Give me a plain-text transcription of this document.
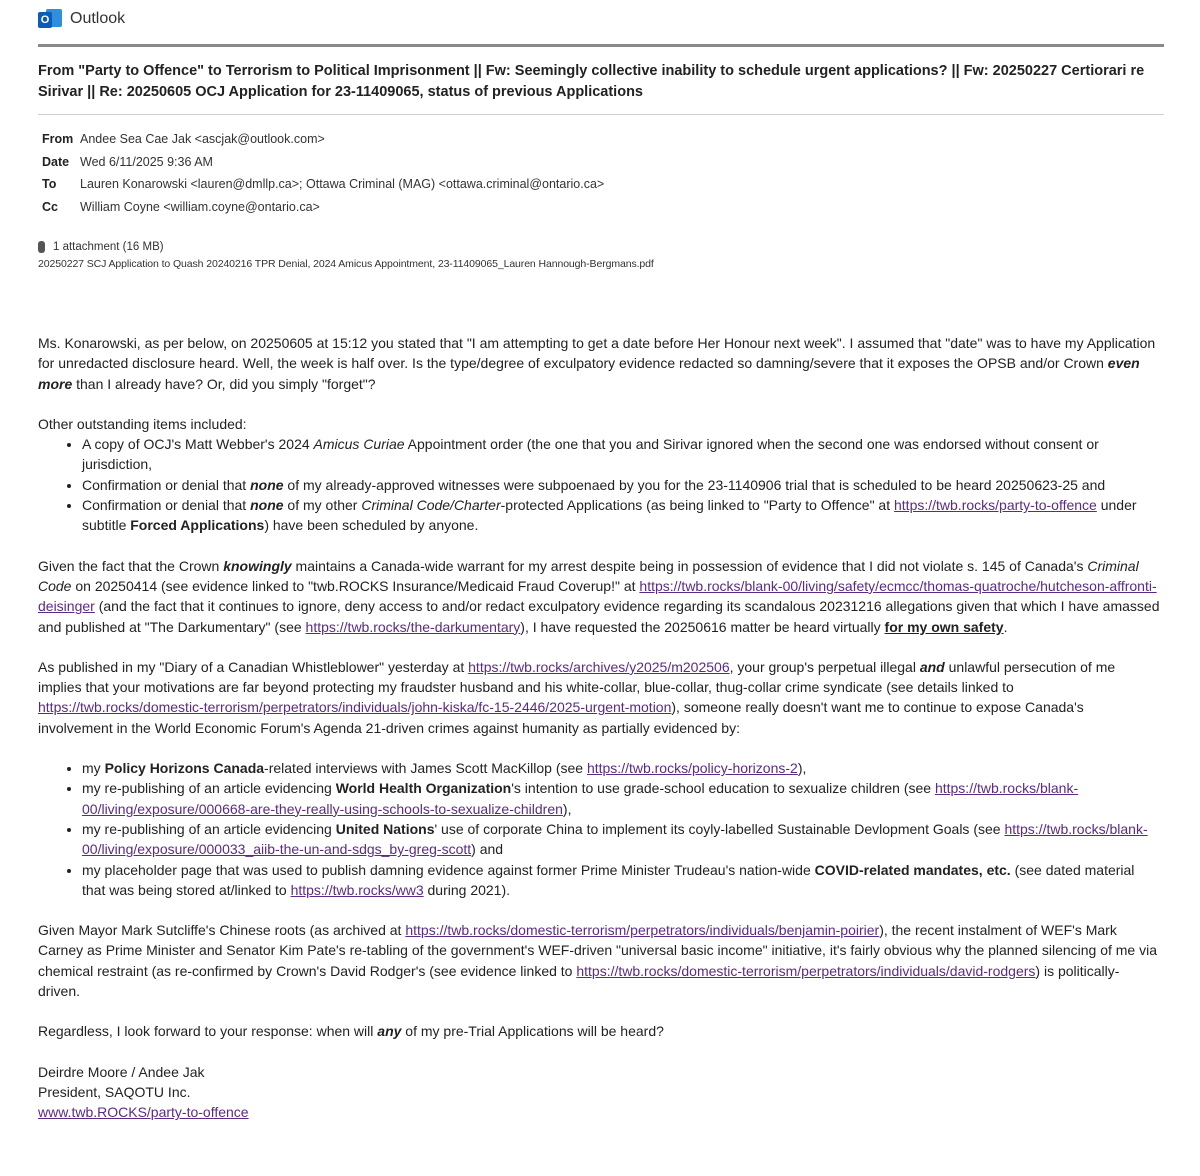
O Outlook
From "Party to Offence" to Terrorism to Political Imprisonment || Fw: Seemingly collective inability to schedule urgent applications? || Fw: 20250227 Certiorari re Sirivar || Re: 20250605 OCJ Application for 23-11409065, status of previous Applications
From Andee Sea Cae Jak <ascjak@outlook.com>
Date Wed 6/11/2025 9:36 AM
To	Lauren Konarowski <lauren@dmllp.ca>; Ottawa Criminal (MAG) <ottawa.criminal@ontario.ca>
Cc	William Coyne <william.coyne@ontario.ca>
1 attachment (16 MB)
20250227 SCJ Application to Quash 20240216 TPR Denial, 2024 Amicus Appointment, 23-11409065_Lauren Hannough-Bergmans.pdf

Ms. Konarowski, as per below, on 20250605 at 15:12 you stated that "I am attempting to get a date before Her Honour next week". I assumed that "date" was to have my Application for unredacted disclosure heard. Well, the week is half over. Is the type/degree of exculpatory evidence redacted so damning/severe that it exposes the OPSB and/or Crown even more than I already have? Or, did you simply "forget"?

Other outstanding items included:

• A copy of OCJ's Matt Webber's 2024 Amicus Curiae Appointment order (the one that you and Sirivar ignored when the second one was endorsed without consent or jurisdiction,
• Confirmation or denial that none of my already-approved witnesses were subpoenaed by you for the 23-1140906 trial that is scheduled to be heard 20250623-25 and
• Confirmation or denial that none of my other Criminal Code/Charter-protected Applications (as being linked to "Party to Offence" at https://twb.rocks/party-to-offence under subtitle Forced Applications) have been scheduled by anyone.

Given the fact that the Crown knowingly maintains a Canada-wide warrant for my arrest despite being in possession of evidence that I did not violate s. 145 of Canada's Criminal Code on 20250414 (see evidence linked to "twb.ROCKS Insurance/Medicaid Fraud Coverup!" at https://twb.rocks/blank-00/living/safety/ecmcc/thomas-quatroche/hutcheson-affronti-deisinger (and the fact that it continues to ignore, deny access to and/or redact exculpatory evidence regarding its scandalous 20231216 allegations given that which I have amassed and published at "The Darkumentary" (see https://twb.rocks/the-darkumentary), I have requested the 20250616 matter be heard virtually for my own safety.

As published in my "Diary of a Canadian Whistleblower" yesterday at https://twb.rocks/archives/y2025/m202506, your group's perpetual illegal and unlawful persecution of me implies that your motivations are far beyond protecting my fraudster husband and his white-collar, blue-collar, thug-collar crime syndicate (see details linked to https://twb.rocks/domestic-terrorism/perpetrators/individuals/john-kiska/fc-15-2446/2025-urgent-motion), someone really doesn't want me to continue to expose Canada's involvement in the World Economic Forum's Agenda 21-driven crimes against humanity as partially evidenced by:

• my Policy Horizons Canada-related interviews with James Scott MacKillop (see https://twb.rocks/policy-horizons-2),
• my re-publishing of an article evidencing World Health Organization's intention to use grade-school education to sexualize children (see https://twb.rocks/blank-00/living/exposure/000668-are-they-really-using-schools-to-sexualize-children),
• my re-publishing of an article evidencing United Nations' use of corporate China to implement its coyly-labelled Sustainable Devlopment Goals (see https://twb.rocks/blank-00/living/exposure/000033_aiib-the-un-and-sdgs_by-greg-scott) and
• my placeholder page that was used to publish damning evidence against former Prime Minister Trudeau's nation-wide COVID-related mandates, etc. (see dated material that was being stored at/linked to https://twb.rocks/ww3 during 2021).

Given Mayor Mark Sutcliffe's Chinese roots (as archived at https://twb.rocks/domestic-terrorism/perpetrators/individuals/benjamin-poirier), the recent instalment of WEF's Mark Carney as Prime Minister and Senator Kim Pate's re-tabling of the government's WEF-driven "universal basic income" initiative, it's fairly obvious why the planned silencing of me via chemical restraint (as re-confirmed by Crown's David Rodger's (see evidence linked to https://twb.rocks/domestic-terrorism/perpetrators/individuals/david-rodgers) is politically-driven.

Regardless, I look forward to your response: when will any of my pre-Trial Applications will be heard?

Deirdre Moore / Andee Jak

President, SAQOTU Inc.

www.twb.ROCKS/party-to-offence
